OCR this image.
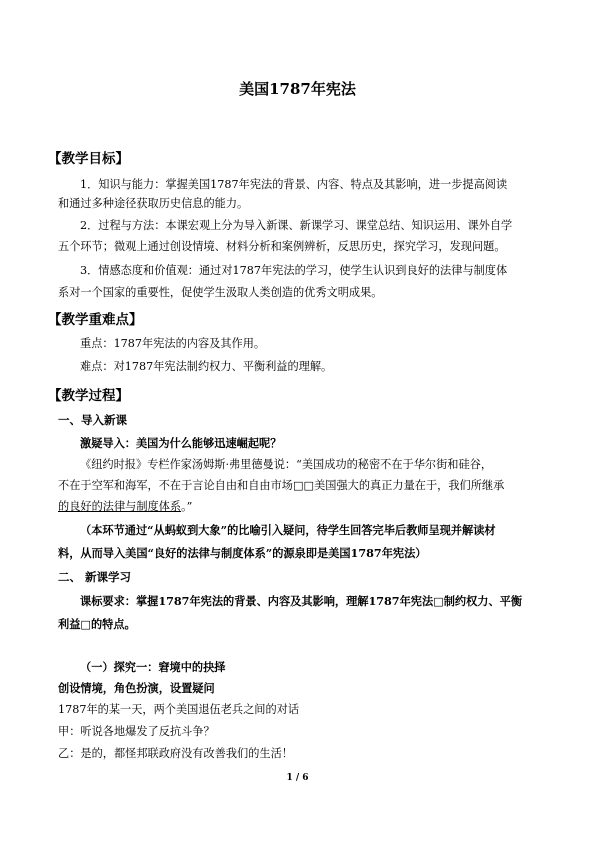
美国1787年宪法
【教学目标】
1．知识与能力：掌握美国1787年宪法的背景、内容、特点及其影响，进一步提高阅读
和通过多种途径获取历史信息的能力。
2．过程与方法：本课宏观上分为导入新课、新课学习、课堂总结、知识运用、课外自学
五个环节；微观上通过创设情境、材料分析和案例辨析，反思历史，探究学习，发现问题。
3．情感态度和价值观：通过对1787年宪法的学习，使学生认识到良好的法律与制度体
系对一个国家的重要性，促使学生汲取人类创造的优秀文明成果。
【教学重难点】
重点：1787年宪法的内容及其作用。
难点：对1787年宪法制约权力、平衡利益的理解。
【教学过程】
一、导入新课
激疑导入：美国为什么能够迅速崛起呢？
《纽约时报》专栏作家汤姆斯·弗里德曼说：“美国成功的秘密不在于华尔街和硅谷，
不在于空军和海军，不在于言论自由和自由市场□□美国强大的真正力量在于，我们所继承
的良好的法律与制度体系。”
（本环节通过“从蚂蚁到大象”的比喻引入疑问，待学生回答完毕后教师呈现并解读材
料，从而导入美国“良好的法律与制度体系”的源泉即是美国1787年宪法）
二、 新课学习
课标要求：掌握1787年宪法的背景、内容及其影响，理解1787年宪法□制约权力、平衡
利益□的特点。
（一）探究一：窘境中的抉择
创设情境，角色扮演，设置疑问
1787年的某一天，两个美国退伍老兵之间的对话
甲：听说各地爆发了反抗斗争？
乙：是的，都怪邦联政府没有改善我们的生活！
1 / 6
